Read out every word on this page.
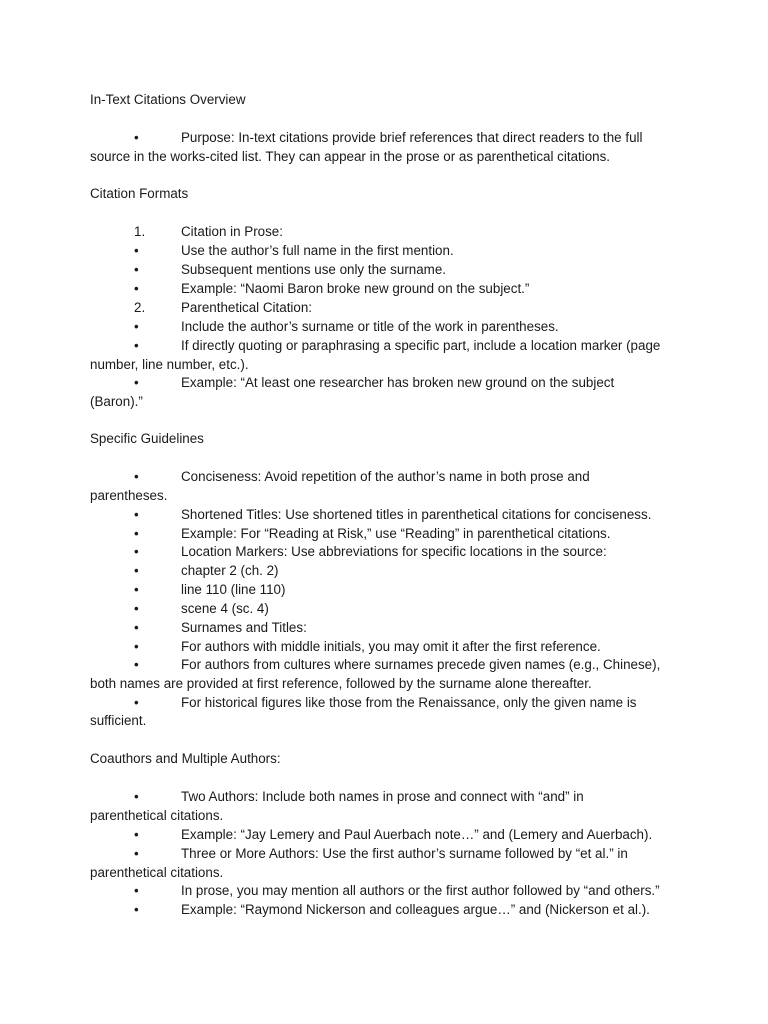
In-Text Citations Overview
•	Purpose: In-text citations provide brief references that direct readers to the full
source in the works-cited list. They can appear in the prose or as parenthetical citations.
Citation Formats
1.	Citation in Prose:
•	Use the author’s full name in the first mention.
•	Subsequent mentions use only the surname.
•	Example: “Naomi Baron broke new ground on the subject.”
2.	Parenthetical Citation:
•	Include the author’s surname or title of the work in parentheses.
•	If directly quoting or paraphrasing a specific part, include a location marker (page
number, line number, etc.).
•	Example: “At least one researcher has broken new ground on the subject
(Baron).”
Specific Guidelines
•	Conciseness: Avoid repetition of the author’s name in both prose and
parentheses.
•	Shortened Titles: Use shortened titles in parenthetical citations for conciseness.
•	Example: For “Reading at Risk,” use “Reading” in parenthetical citations.
•	Location Markers: Use abbreviations for specific locations in the source:
•	chapter 2 (ch. 2)
•	line 110 (line 110)
•	scene 4 (sc. 4)
•	Surnames and Titles:
•	For authors with middle initials, you may omit it after the first reference.
•	For authors from cultures where surnames precede given names (e.g., Chinese),
both names are provided at first reference, followed by the surname alone thereafter.
•	For historical figures like those from the Renaissance, only the given name is
sufficient.
Coauthors and Multiple Authors:
•	Two Authors: Include both names in prose and connect with “and” in
parenthetical citations.
•	Example: “Jay Lemery and Paul Auerbach note…” and (Lemery and Auerbach).
•	Three or More Authors: Use the first author’s surname followed by “et al.” in
parenthetical citations.
•	In prose, you may mention all authors or the first author followed by “and others.”
•	Example: “Raymond Nickerson and colleagues argue…” and (Nickerson et al.).
